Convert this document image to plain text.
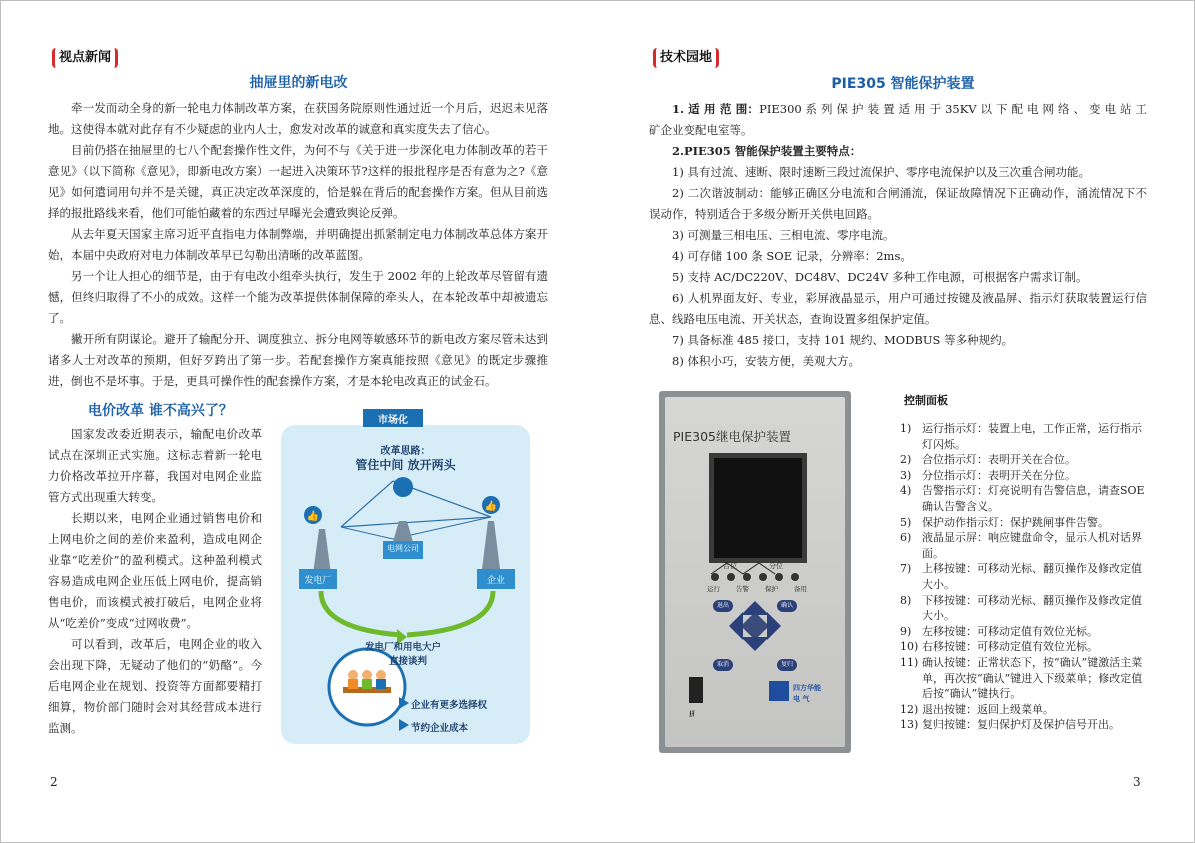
视点新闻
抽屉里的新电改

牵一发而动全身的新一轮电力体制改革方案，在获国务院原则性通过近一个月后，迟迟未见落地。这使得本就对此存有不少疑虑的业内人士，愈发对改革的诚意和真实度失去了信心。

目前仍搭在抽屉里的七八个配套操作性文件，为何不与《关于进一步深化电力体制改革的若干意见》（以下简称《意见》，即新电改方案）一起进入决策环节?这样的报批程序是否有意为之?《意见》如何遣词用句并不是关键，真正决定改革深度的，恰是躲在背后的配套操作方案。但从目前选择的报批路线来看，他们可能怕藏着的东西过早曝光会遭致舆论反弹。

从去年夏天国家主席习近平直指电力体制弊端，并明确提出抓紧制定电力体制改革总体方案开始，本届中央政府对电力体制改革早已勾勒出清晰的改革蓝图。

另一个让人担心的细节是，由于有电改小组牵头执行，发生于 2002 年的上轮改革尽管留有遗憾，但终归取得了不小的成效。这样一个能为改革提供体制保障的牵头人，在本轮改革中却被遗忘了。

撇开所有阴谋论。避开了输配分开、调度独立、拆分电网等敏感环节的新电改方案尽管未达到诸多人士对改革的预期，但好歹跨出了第一步。若配套操作方案真能按照《意见》的既定步骤推进，倒也不是坏事。于是，更具可操作性的配套操作方案，才是本轮电改真正的试金石。

电价改革 谁不高兴了？

国家发改委近期表示，输配电价改革试点在深圳正式实施。这标志着新一轮电力价格改革拉开序幕，我国对电网企业监管方式出现重大转变。

长期以来，电网企业通过销售电价和上网电价之间的差价来盈利，造成电网企业靠“吃差价”的盈利模式。这种盈利模式容易造成电网企业压低上网电价，提高销售电价，而该模式被打破后，电网企业将从“吃差价”变成“过网收费”。

可以看到，改革后，电网企业的收入会出现下降，无疑动了他们的“奶酪”。今后电网企业在规划、投资等方面都要精打细算，物价部门随时会对其经营成本进行监测。

👍
👍
市场化
改革思路：
管住中间 放开两头
电网公司
发电厂	企业
发电厂和用电大户
直接谈判
企业有更多选择权
节约企业成本
2
技术园地
PIE305 智能保护装置

1. 适 用 范 围：PIE300 系 列 保 护 装 置 适 用 于 35KV 以 下 配 电 网 络 、 变 电 站 工矿企业变配电室等。

2.PIE305 智能保护装置主要特点：

1) 具有过流、速断、限时速断三段过流保护、零序电流保护以及三次重合闸功能。

2) 二次谐波制动：能够正确区分电流和合闸涌流，保证故障情况下正确动作，涌流情况下不误动作，特别适合于多级分断开关供电回路。

3) 可测量三相电压、三相电流、零序电流。

4) 可存储 100 条 SOE 记录，分辨率：2ms。

5) 支持 AC/DC220V、DC48V、DC24V 多种工作电源，可根据客户需求订制。

6) 人机界面友好、专业，彩屏液晶显示，用户可通过按键及液晶屏、指示灯获取装置运行信息、线路电压电流、开关状态，查询设置多组保护定值。

7) 具备标准 485 接口，支持 101 规约、MODBUS 等多种规约。

8) 体积小巧，安装方便，美观大方。

PIE305继电保护装置
合位	分位
运行 告警 保护 备用
退出	确认
取消	复归
四方华能
电 气
⭿
控制面板
1) 运行指示灯：装置上电，工作正常，运行指示灯闪烁。
2) 合位指示灯：表明开关在合位。
3) 分位指示灯：表明开关在分位。
4) 告警指示灯：灯亮说明有告警信息，请查SOE 确认告警含义。
5) 保护动作指示灯：保护跳闸事件告警。
6) 液晶显示屏：响应键盘命令，显示人机对话界面。
7) 上移按键：可移动光标、翻页操作及修改定值大小。
8) 下移按键：可移动光标、翻页操作及修改定值大小。
9) 左移按键：可移动定值有效位光标。
10) 右移按键：可移动定值有效位光标。
11) 确认按键：正常状态下，按“确认”键激活主菜单，再次按“确认”键进入下级菜单；修改定值后按“确认”键执行。
12) 退出按键：返回上级菜单。
13) 复归按键：复归保护灯及保护信号开出。
3
